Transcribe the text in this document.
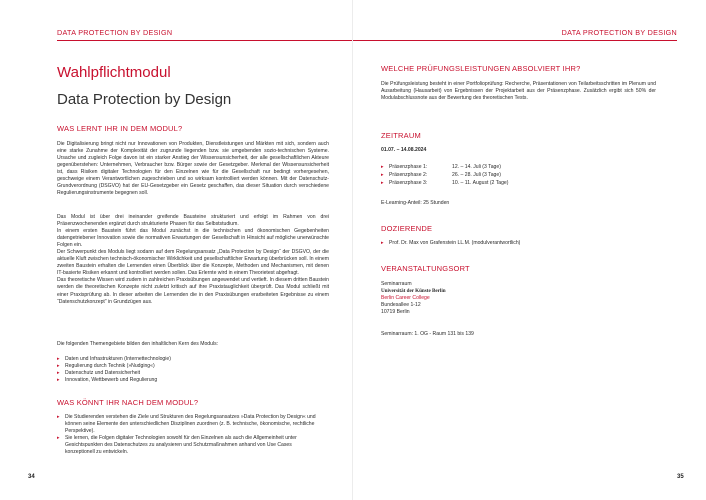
DATA PROTECTION BY DESIGN
Wahlpflichtmodul
Data Protection by Design
WAS LERNT IHR IN DEM MODUL?

Die Digitalisierung bringt nicht nur Innovationen von Produkten, Dienstleistungen und Märkten mit sich, sondern auch eine starke Zunahme der Komplexität der zugrunde liegenden bzw. sie umgebenden sozio-technischen Systeme. Ursache und zugleich Folge davon ist ein starker Anstieg der Wissensunsicherheit, der alle gesellschaftlichen Akteure gegenüberstehen: Unternehmen, Verbraucher bzw. Bürger sowie der Gesetzgeber. Merkmal der Wissensunsicherheit ist, dass Risiken digitaler Technologien für den Einzelnen wie für die Gesellschaft nur bedingt vorhergesehen, geschweige einem Verantwortlichen zugeschrieben und so wirksam kontrolliert werden können. Mit der Datenschutz-Grundverordnung (DSGVO) hat der EU-Gesetzgeber ein Gesetz geschaffen, das dieser Situation durch verschiedene Regulierungsinstrumente begegnen soll.

Das Modul ist über drei ineinander greifende Bausteine strukturiert und erfolgt im Rahmen von drei Präsenzwochenenden ergänzt durch strukturierte Phasen für das Selbststudium.

In einem ersten Baustein führt das Modul zunächst in die technischen und ökonomischen Gegebenheiten datengetriebener Innovation sowie die normativen Erwartungen der Gesellschaft in Hinsicht auf mögliche unerwünschte Folgen ein.

Der Schwerpunkt des Moduls liegt sodann auf dem Regelungsansatz „Data Protection by Design“ der DSGVO, der die aktuelle Kluft zwischen technisch-ökonomischer Wirklichkeit und gesellschaftlicher Erwartung überbrücken soll. In einem zweiten Baustein erhalten die Lernenden einen Überblick über die Konzepte, Methoden und Mechanismen, mit denen IT-basierte Risiken erkannt und kontrolliert werden sollen. Das Erlernte wird in einem Theorietest abgefragt.

Das theoretische Wissen wird zudem in zahlreichen Praxisübungen angewendet und vertieft. In diesem dritten Baustein werden die theoretischen Konzepte nicht zuletzt kritisch auf ihre Praxistauglichkeit überprüft. Das Modul schließt mit einer Praxisprüfung ab. In dieser arbeiten die Lernenden die in den Praxisübungen erarbeiteten Ergebnisse zu einem “Datenschutzkonzept” in Grundzügen aus.

Die folgenden Themengebiete bilden den inhaltlichen Kern des Moduls:

▸ Daten und Infrastrukturen (Internettechnologie)
▸ Regulierung durch Technik (»Nudging«)
▸ Datenschutz und Datensicherheit
▸ Innovation, Wettbewerb und Regulierung
WAS KÖNNT IHR NACH DEM MODUL?
▸ Die Studierenden verstehen die Ziele und Strukturen des Regelungsansatzes »Data Protection by Design« und können seine Elemente den unterschiedlichen Disziplinen zuordnen (z. B. technische, ökonomische, rechtliche Perspektive).
▸ Sie lernen, die Folgen digitaler Technologien sowohl für den Einzelnen als auch die Allgemeinheit unter Gesichtspunkten des Datenschutzes zu analysieren und Schutzmaßnahmen anhand von Use Cases konzeptionell zu entwickeln.
34
DATA PROTECTION BY DESIGN
WELCHE PRÜFUNGSLEISTUNGEN ABSOLVIERT IHR?

Die Prüfungsleistung besteht in einer Portfolioprüfung: Recherche, Präsentationen von Teilarbeitsschritten im Plenum und Ausarbeitung (Hausarbeit) von Ergebnissen der Projektarbeit aus der Präsenzphase. Zusätzlich ergibt sich 50% der Modulabschlussnote aus der Bewertung des theoretischen Tests.

ZEITRAUM
01.07. – 14.08.2024
▸	Präsenzphase 1:	12. – 14. Juli (3 Tage)
▸	Präsenzphase 2:	26. – 28. Juli (3 Tage)
▸	Präsenzphase 3:	10. – 11. August (2 Tage)
E-Learning-Anteil: 25 Stunden
DOZIERENDE
▸ Prof. Dr. Max von Grafenstein LL.M. (modulverantwortlich)
VERANSTALTUNGSORT

Seminarraum

Universität der Künste Berlin

Berlin Career College

Bundesallee 1-12

10719 Berlin

Seminarraum: 1. OG - Raum 131 bis 139
35
